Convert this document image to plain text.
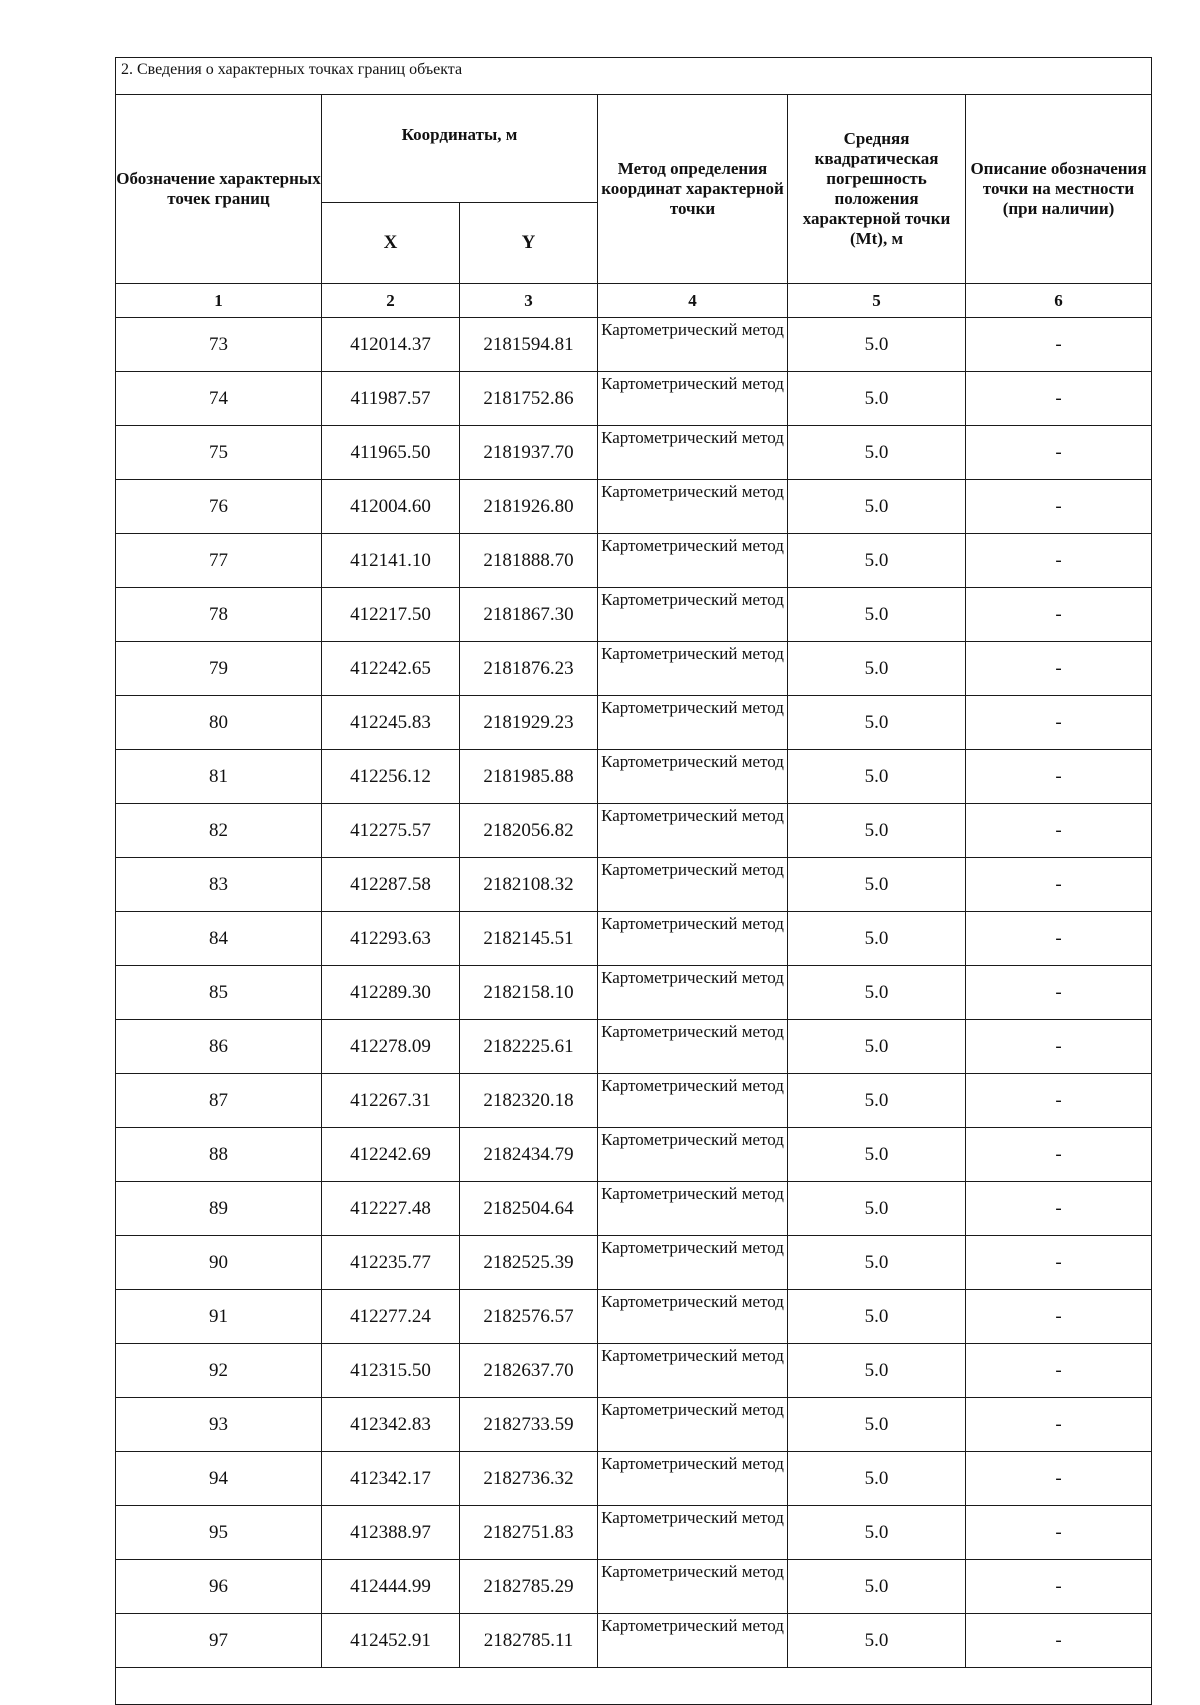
2. Сведения о характерных точках границ объекта					
Обозначение характерных точек границ	Координаты, м		Метод определения координат характерной точки	Средняя квадратическая погрешность положения характерной точки (Mt), м	Описание обозначения точки на местности (при наличии)
	X	Y			
1	2	3	4	5	6
73	412014.37	2181594.81	Картометрический метод	5.0	-
74	411987.57	2181752.86	Картометрический метод	5.0	-
75	411965.50	2181937.70	Картометрический метод	5.0	-
76	412004.60	2181926.80	Картометрический метод	5.0	-
77	412141.10	2181888.70	Картометрический метод	5.0	-
78	412217.50	2181867.30	Картометрический метод	5.0	-
79	412242.65	2181876.23	Картометрический метод	5.0	-
80	412245.83	2181929.23	Картометрический метод	5.0	-
81	412256.12	2181985.88	Картометрический метод	5.0	-
82	412275.57	2182056.82	Картометрический метод	5.0	-
83	412287.58	2182108.32	Картометрический метод	5.0	-
84	412293.63	2182145.51	Картометрический метод	5.0	-
85	412289.30	2182158.10	Картометрический метод	5.0	-
86	412278.09	2182225.61	Картометрический метод	5.0	-
87	412267.31	2182320.18	Картометрический метод	5.0	-
88	412242.69	2182434.79	Картометрический метод	5.0	-
89	412227.48	2182504.64	Картометрический метод	5.0	-
90	412235.77	2182525.39	Картометрический метод	5.0	-
91	412277.24	2182576.57	Картометрический метод	5.0	-
92	412315.50	2182637.70	Картометрический метод	5.0	-
93	412342.83	2182733.59	Картометрический метод	5.0	-
94	412342.17	2182736.32	Картометрический метод	5.0	-
95	412388.97	2182751.83	Картометрический метод	5.0	-
96	412444.99	2182785.29	Картометрический метод	5.0	-
97	412452.91	2182785.11	Картометрический метод	5.0	-
